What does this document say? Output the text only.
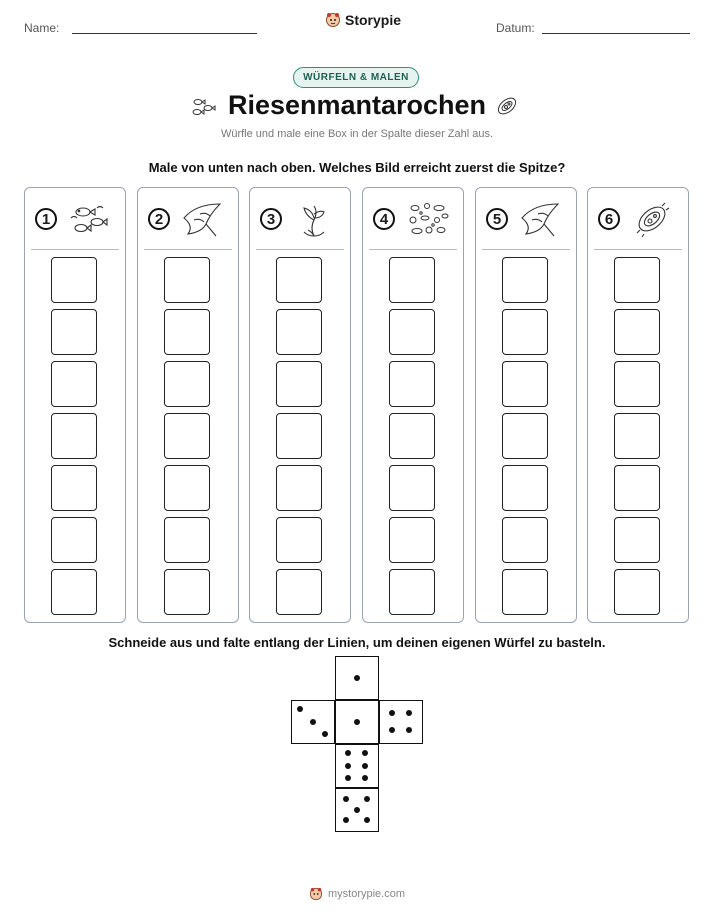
Name:	Storypie	Datum:
WÜRFELN & MALEN
Riesenmantarochen
Würfle und male eine Box in der Spalte dieser Zahl aus.
Male von unten nach oben. Welches Bild erreicht zuerst die Spitze?
1	2	3	4	5	6
Schneide aus und falte entlang der Linien, um deinen eigenen Würfel zu basteln.
mystorypie.com
